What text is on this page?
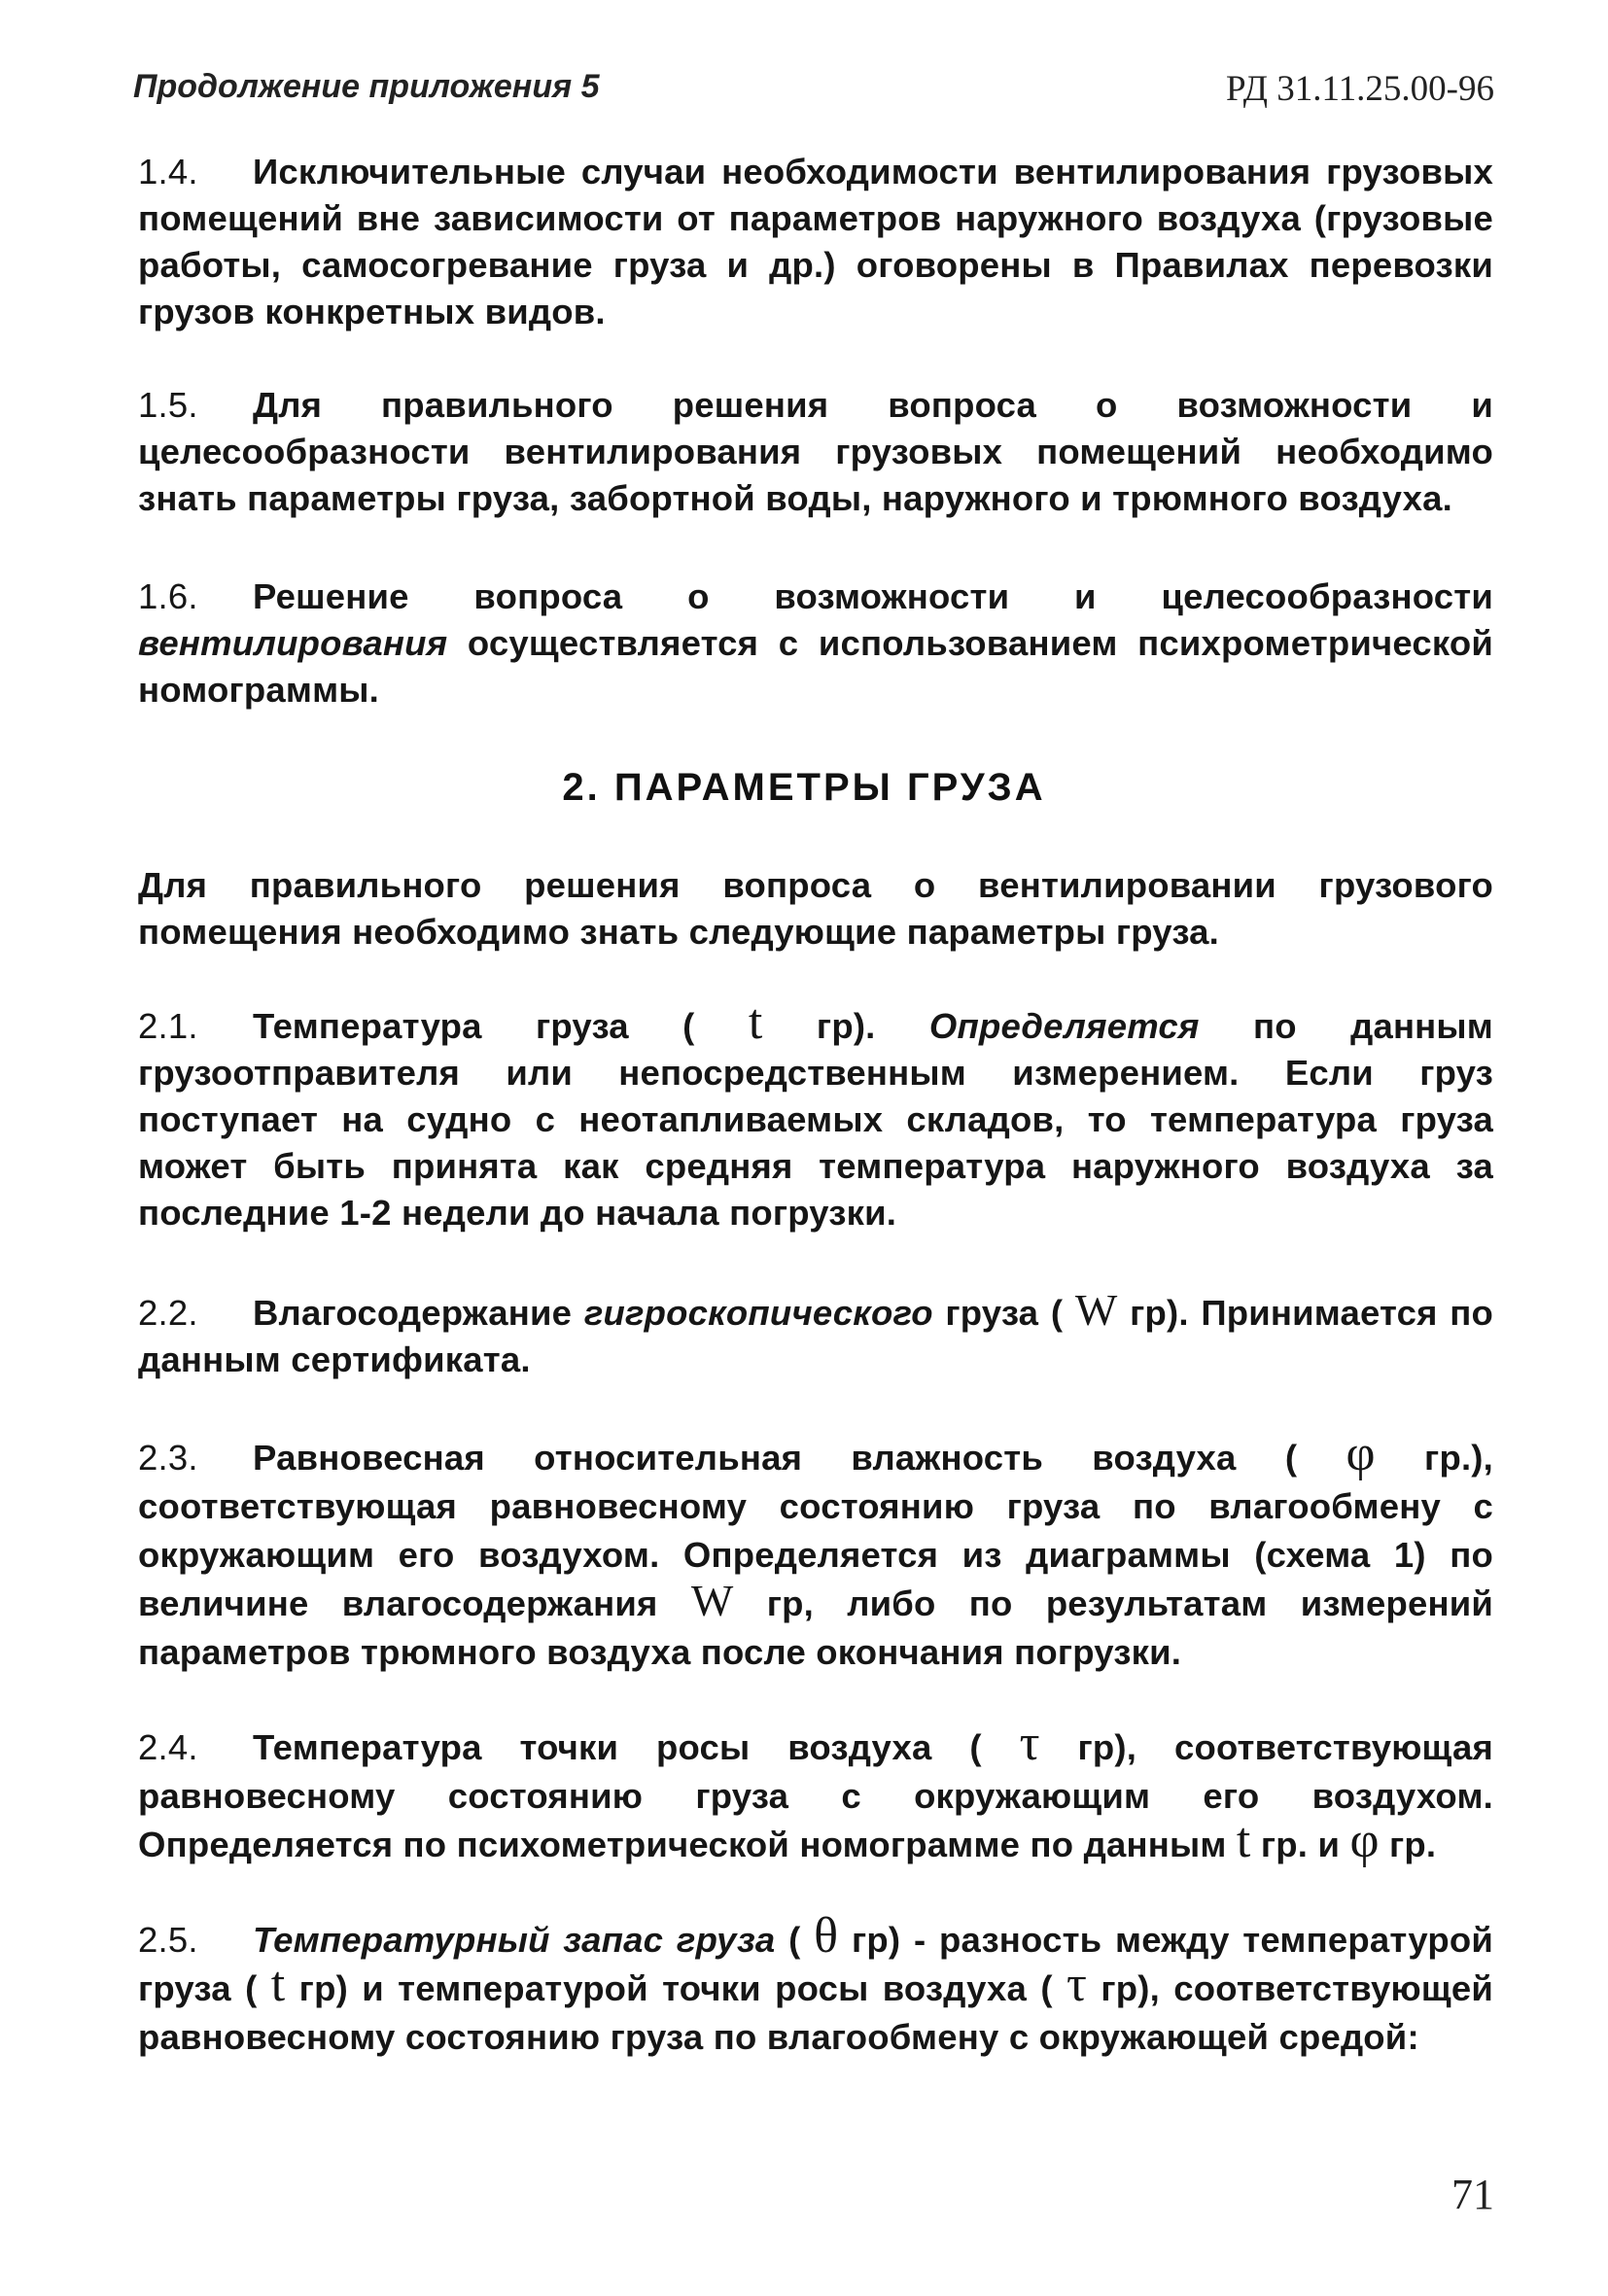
Продолжение приложения 5	РД 31.11.25.00-96

1.4. Исключительные случаи необходимости вентилирования грузовых помещений вне зависимости от параметров наружного воздуха (грузовые работы, самосогревание груза и др.) оговорены в Правилах перевозки грузов конкретных видов.

1.5. Для правильного решения вопроса о возможности и целесообразности вентилирования грузовых помещений необходимо знать параметры груза, забортной воды, наружного и трюмного воздуха.

1.6. Решение вопроса о возможности и целесообразности вентилирования осуществляется с использованием психрометрической номограммы.

2. ПАРАМЕТРЫ ГРУЗА

Для правильного решения вопроса о вентилировании грузового помещения необходимо знать следующие параметры груза.

2.1. Температура груза ( t гр). Определяется по данным грузоотправителя или непосредственным измерением. Если груз поступает на судно с неотапливаемых складов, то температура груза может быть принята как средняя температура наружного воздуха за последние 1-2 недели до начала погрузки.

2.2. Влагосодержание гигроскопического груза ( W гр). Принимается по данным сертификата.

2.3. Равновесная относительная влажность воздуха ( φ гр.), соответствующая равновесному состоянию груза по влагообмену с окружающим его воздухом. Определяется из диаграммы (схема 1) по величине влагосодержания W гр, либо по результатам измерений параметров трюмного воздуха после окончания погрузки.

2.4. Температура точки росы воздуха ( τ гр), соответствующая равновесному состоянию груза с окружающим его воздухом. Определяется по психометрической номограмме по данным t гр. и φ гр.

2.5. Температурный запас груза ( θ гр) - разность между температурой груза ( t гр) и температурой точки росы воздуха ( τ гр), соответствующей равновесному состоянию груза по влагообмену с окружающей средой:

71
